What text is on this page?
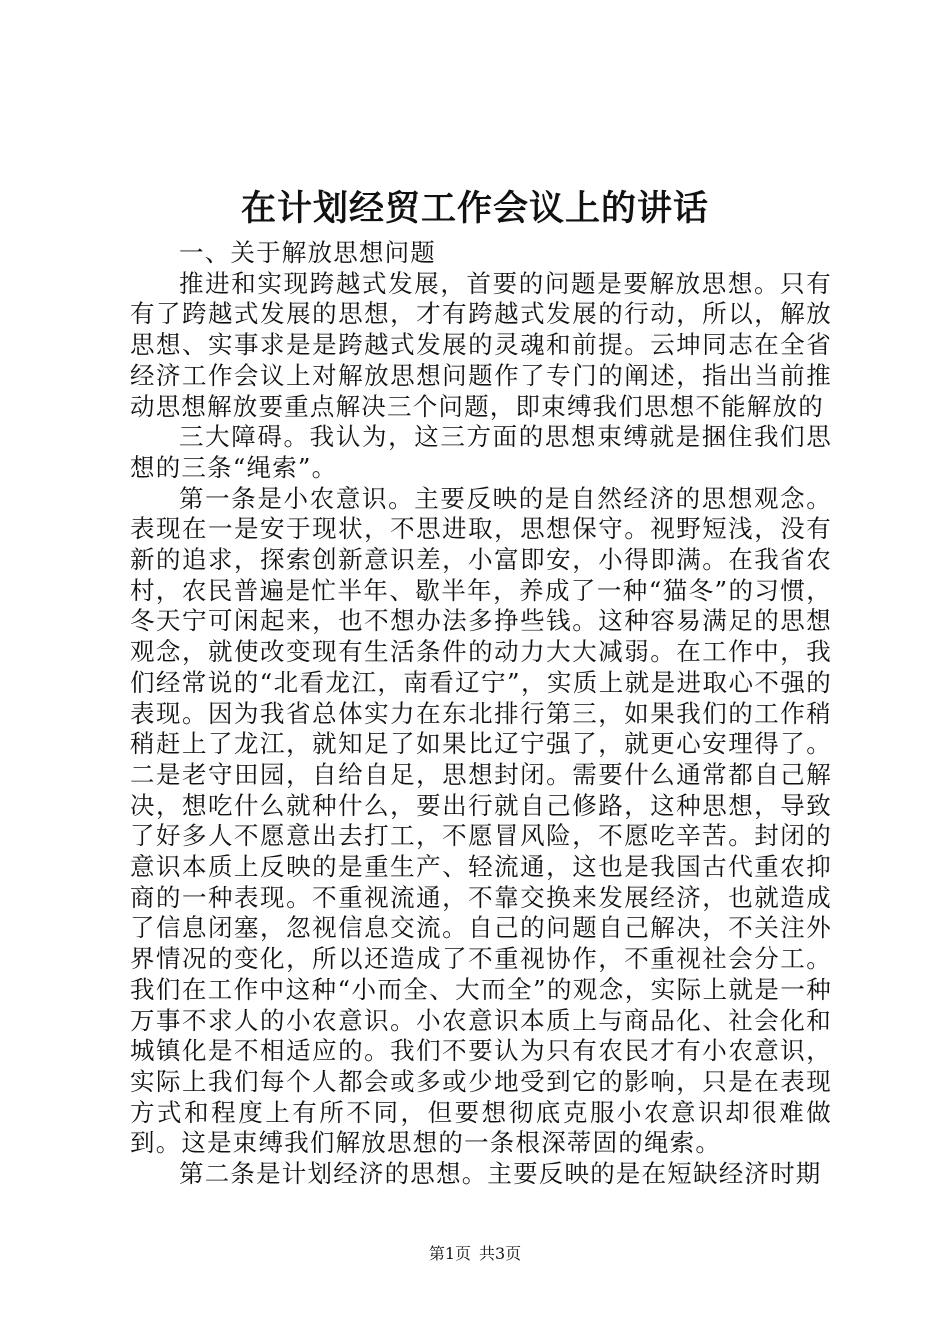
在计划经贸工作会议上的讲话

一、关于解放思想问题

推进和实现跨越式发展，首要的问题是要解放思想。只有有了跨越式发展的思想，才有跨越式发展的行动，所以，解放思想、实事求是是跨越式发展的灵魂和前提。云坤同志在全省经济工作会议上对解放思想问题作了专门的阐述，指出当前推动思想解放要重点解决三个问题，即束缚我们思想不能解放的

三大障碍。我认为，这三方面的思想束缚就是捆住我们思想的三条“绳索”。

第一条是小农意识。主要反映的是自然经济的思想观念。表现在一是安于现状，不思进取，思想保守。视野短浅，没有新的追求，探索创新意识差，小富即安，小得即满。在我省农村，农民普遍是忙半年、歇半年，养成了一种“猫冬”的习惯，冬天宁可闲起来，也不想办法多挣些钱。这种容易满足的思想观念，就使改变现有生活条件的动力大大减弱。在工作中，我们经常说的“北看龙江，南看辽宁”，实质上就是进取心不强的表现。因为我省总体实力在东北排行第三，如果我们的工作稍稍赶上了龙江，就知足了如果比辽宁强了，就更心安理得了。二是老守田园，自给自足，思想封闭。需要什么通常都自己解决，想吃什么就种什么，要出行就自己修路，这种思想，导致了好多人不愿意出去打工，不愿冒风险，不愿吃辛苦。封闭的意识本质上反映的是重生产、轻流通，这也是我国古代重农抑商的一种表现。不重视流通，不靠交换来发展经济，也就造成了信息闭塞，忽视信息交流。自己的问题自己解决，不关注外界情况的变化，所以还造成了不重视协作，不重视社会分工。我们在工作中这种“小而全、大而全”的观念，实际上就是一种万事不求人的小农意识。小农意识本质上与商品化、社会化和城镇化是不相适应的。我们不要认为只有农民才有小农意识，实际上我们每个人都会或多或少地受到它的影响，只是在表现方式和程度上有所不同，但要想彻底克服小农意识却很难做到。这是束缚我们解放思想的一条根深蒂固的绳索。

第二条是计划经济的思想。主要反映的是在短缺经济时期

第1页 共3页
